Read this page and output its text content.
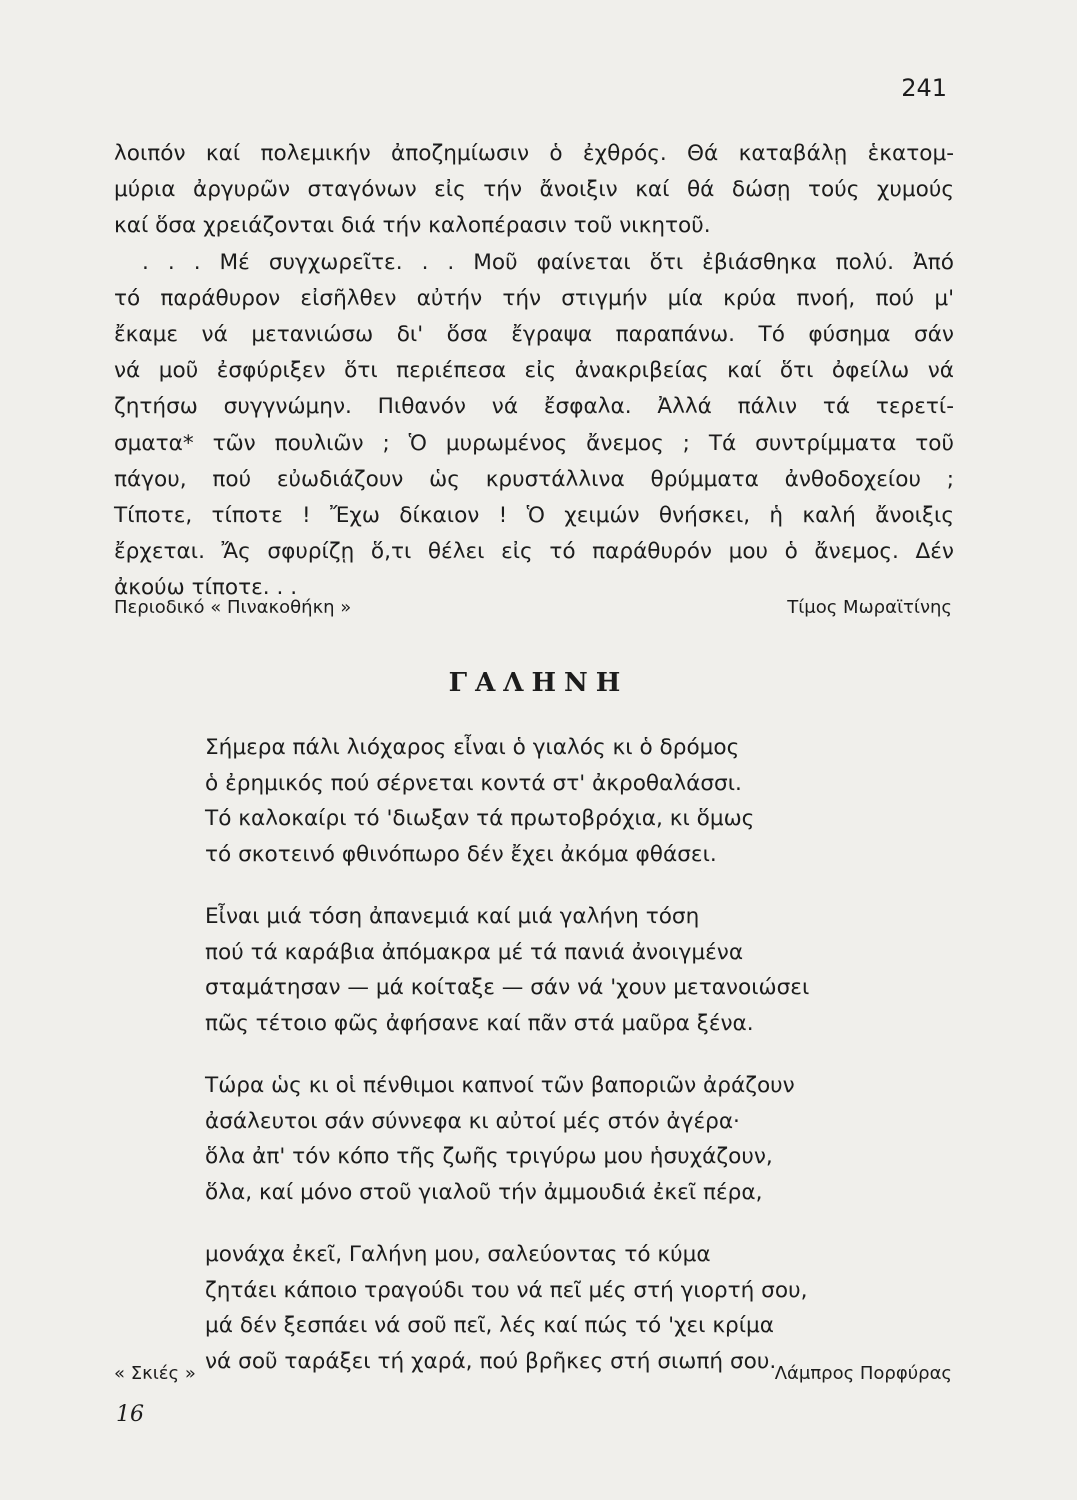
241

λοιπόν καί πολεμικήν ἀποζημίωσιν ὁ ἐχθρός. Θά καταβάλῃ ἑκατομ-

μύρια ἀργυρῶν σταγόνων εἰς τήν ἄνοιξιν καί θά δώσῃ τούς χυμούς

καί ὅσα χρειάζονται διά τήν καλοπέρασιν τοῦ νικητοῦ.

. . . Μέ συγχωρεῖτε. . . Μοῦ φαίνεται ὅτι ἐβιάσθηκα πολύ. Ἀπό

τό παράθυρον εἰσῆλθεν αὐτήν τήν στιγμήν μία κρύα πνοή, πού μ'

ἔκαμε νά μετανιώσω δι' ὅσα ἔγραψα παραπάνω. Τό φύσημα σάν

νά μοῦ ἐσφύριξεν ὅτι περιέπεσα εἰς ἀνακριβείας καί ὅτι ὀφείλω νά

ζητήσω συγγνώμην. Πιθανόν νά ἔσφαλα. Ἀλλά πάλιν τά τερετί-

σματα* τῶν πουλιῶν ; Ὁ μυρωμένος ἄνεμος ; Τά συντρίμματα τοῦ

πάγου, πού εὐωδιάζουν ὡς κρυστάλλινα θρύμματα ἀνθοδοχείου ;

Τίποτε, τίποτε ! Ἔχω δίκαιον ! Ὁ χειμών θνήσκει, ἡ καλή ἄνοιξις

ἔρχεται. Ἄς σφυρίζῃ ὅ,τι θέλει εἰς τό παράθυρόν μου ὁ ἄνεμος. Δέν

ἀκούω τίποτε. . .

Περιοδικό « Πινακοθήκη »	Τίμος Μωραϊτίνης
ΓΑΛΗΝΗ
Σήμερα πάλι λιόχαρος εἶναι ὁ γιαλός κι ὁ δρόμος
ὁ ἐρημικός πού σέρνεται κοντά στ' ἀκροθαλάσσι.
Τό καλοκαίρι τό 'διωξαν τά πρωτοβρόχια, κι ὅμως
τό σκοτεινό φθινόπωρο δέν ἔχει ἀκόμα φθάσει.
Εἶναι μιά τόση ἀπανεμιά καί μιά γαλήνη τόση
πού τά καράβια ἀπόμακρα μέ τά πανιά ἀνοιγμένα
σταμάτησαν — μά κοίταξε — σάν νά 'χουν μετανοιώσει
πῶς τέτοιο φῶς ἀφήσανε καί πᾶν στά μαῦρα ξένα.
Τώρα ὡς κι οἱ πένθιμοι καπνοί τῶν βαποριῶν ἀράζουν
ἀσάλευτοι σάν σύννεφα κι αὐτοί μές στόν ἀγέρα·
ὅλα ἀπ' τόν κόπο τῆς ζωῆς τριγύρω μου ἡσυχάζουν,
ὅλα, καί μόνο στοῦ γιαλοῦ τήν ἀμμουδιά ἐκεῖ πέρα,
μονάχα ἐκεῖ, Γαλήνη μου, σαλεύοντας τό κύμα
ζητάει κάποιο τραγούδι του νά πεῖ μές στή γιορτή σου,
μά δέν ξεσπάει νά σοῦ πεῖ, λές καί πώς τό 'χει κρίμα
νά σοῦ ταράξει τή χαρά, πού βρῆκες στή σιωπή σου.
« Σκιές »	Λάμπρος Πορφύρας
16
